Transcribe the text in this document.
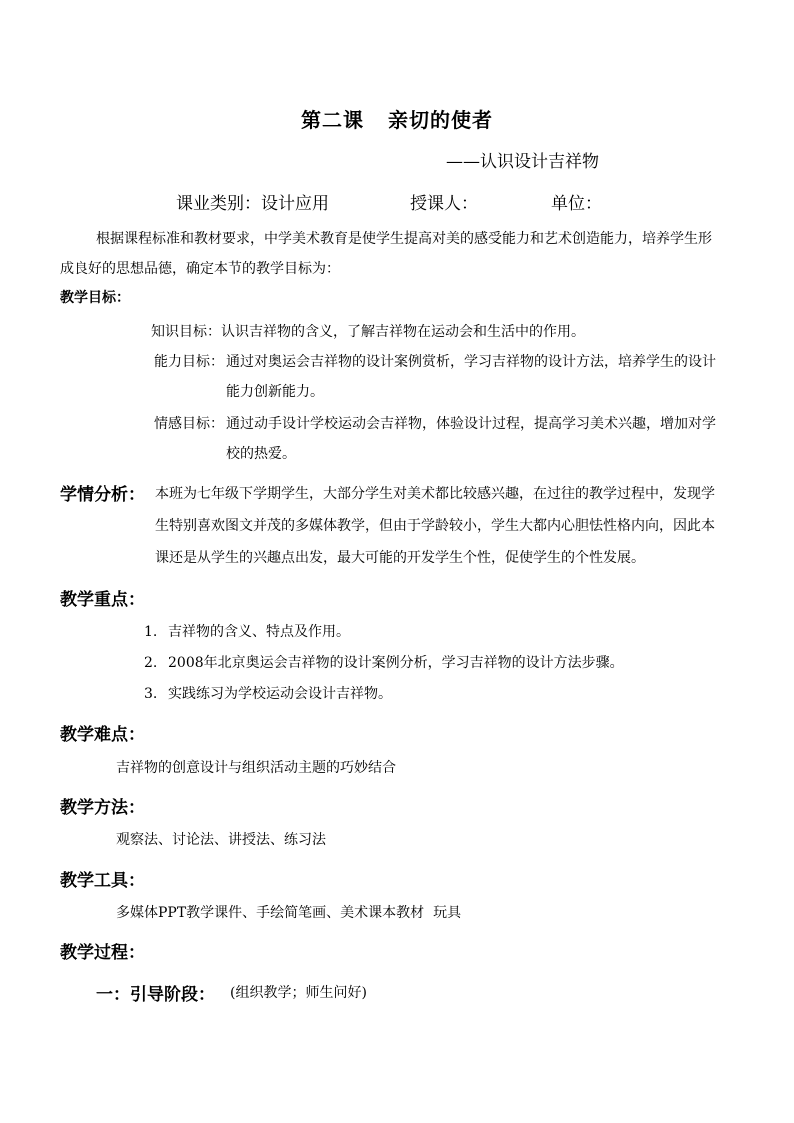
第二课 亲切的使者
——认识设计吉祥物
课业类别：设计应用	授课人：	单位：
根据课程标准和教材要求，中学美术教育是使学生提高对美的感受能力和艺术创造能力，培养学生形
成良好的思想品德，确定本节的教学目标为：
教学目标：
知识目标： 认识吉祥物的含义，了解吉祥物在运动会和生活中的作用。
能力目标： 通过对奥运会吉祥物的设计案例赏析，学习吉祥物的设计方法，培养学生的设计
能力创新能力。
情感目标： 通过动手设计学校运动会吉祥物，体验设计过程，提高学习美术兴趣，增加对学
校的热爱。
学情分析： 本班为七年级下学期学生，大部分学生对美术都比较感兴趣，在过往的教学过程中，发现学
生特别喜欢图文并茂的多媒体教学，但由于学龄较小，学生大都内心胆怯性格内向，因此本
课还是从学生的兴趣点出发，最大可能的开发学生个性，促使学生的个性发展。
教学重点：
1. 吉祥物的含义、特点及作用。
2. 2008年北京奥运会吉祥物的设计案例分析，学习吉祥物的设计方法步骤。
3. 实践练习为学校运动会设计吉祥物。
教学难点：
吉祥物的创意设计与组织活动主题的巧妙结合
教学方法：
观察法、讨论法、讲授法、练习法
教学工具：
多媒体PPT教学课件、手绘简笔画、美术课本教材  玩具
教学过程：
一：引导阶段： (组织教学；师生问好)
